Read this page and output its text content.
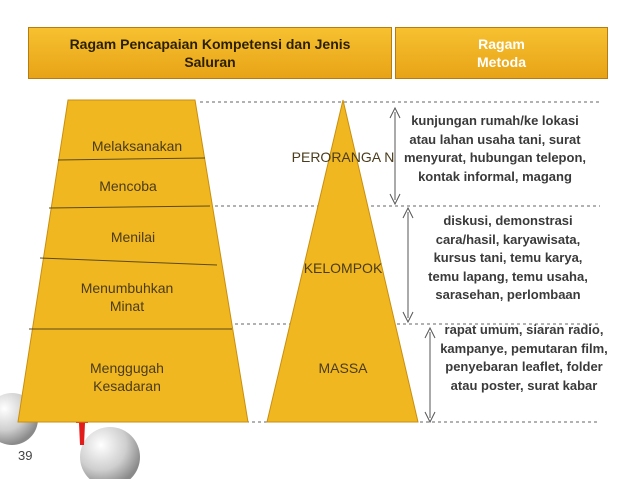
Ragam Pencapaian Kompetensi dan Jenis Saluran
Ragam Metoda
Melaksanakan
Mencoba
Menilai
Menumbuhkan Minat
Menggugah Kesadaran
PERORANGA N
KELOMPOK
MASSA
kunjungan rumah/ke lokasi atau lahan usaha tani, surat menyurat, hubungan telepon, kontak informal, magang
diskusi, demonstrasi cara/hasil, karyawisata, kursus tani, temu karya, temu lapang, temu usaha, sarasehan, perlombaan
rapat umum, siaran radio, kampanye, pemutaran film, penyebaran leaflet, folder atau poster, surat kabar
39
